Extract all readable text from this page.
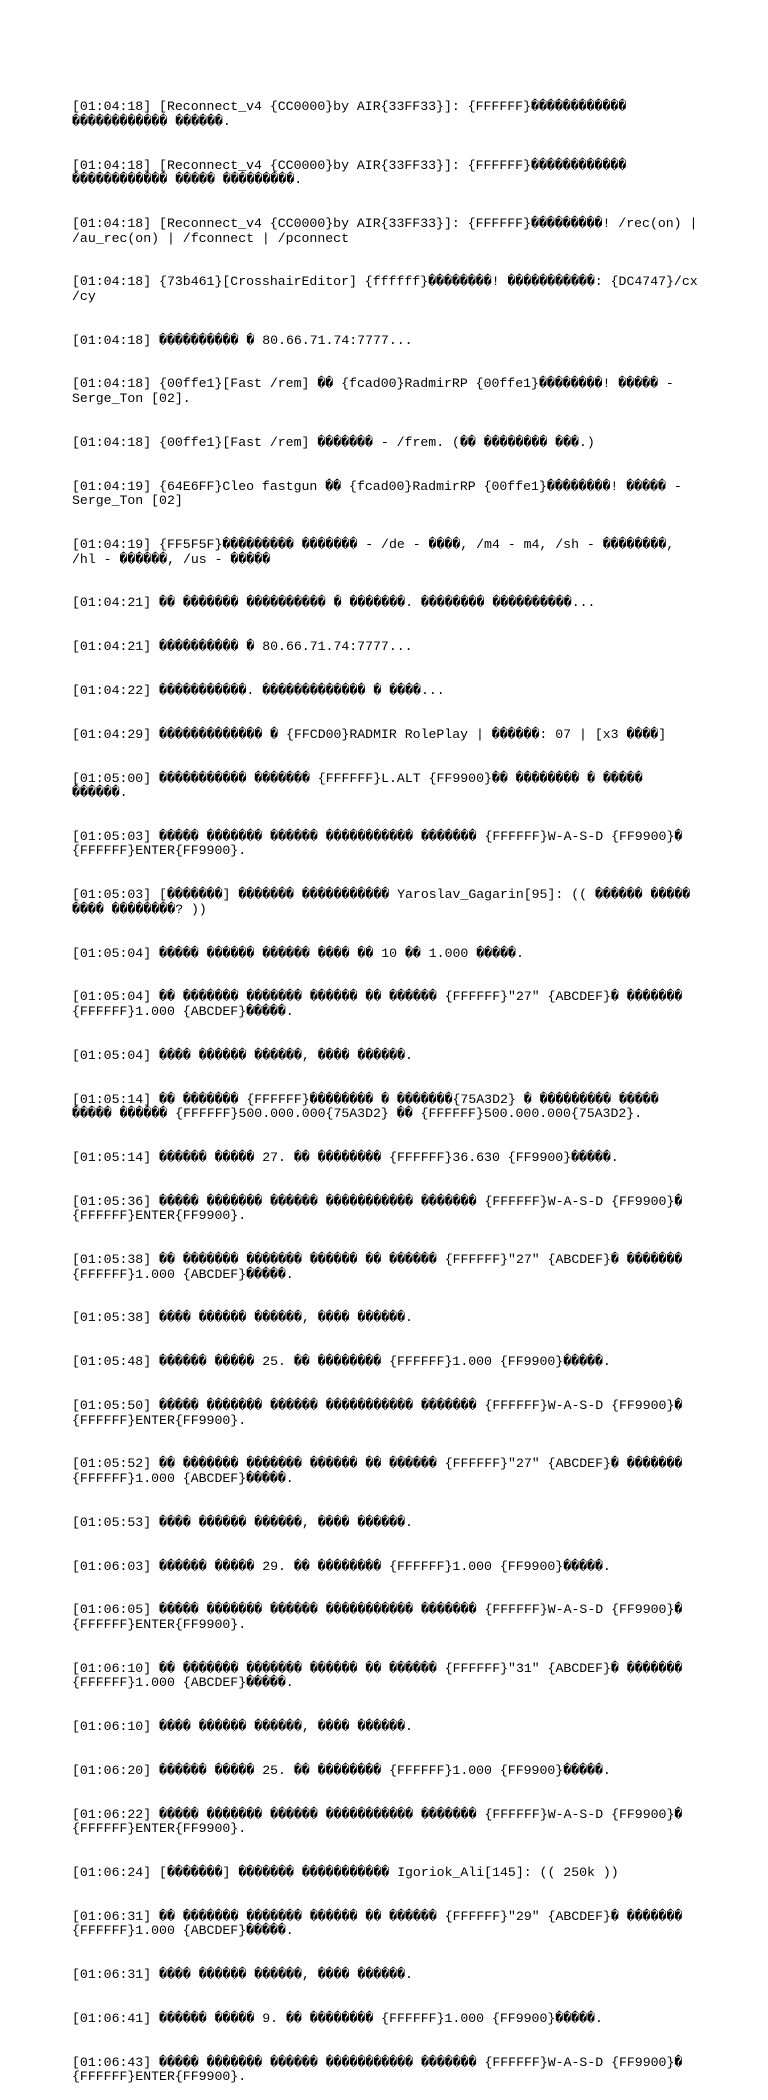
[01:04:18] [Reconnect_v4 {CC0000}by AIR{33FF33}]: {FFFFFF}������������ ������������ ������.

[01:04:18] [Reconnect_v4 {CC0000}by AIR{33FF33}]: {FFFFFF}������������ ������������ ����� ���������.

[01:04:18] [Reconnect_v4 {CC0000}by AIR{33FF33}]: {FFFFFF}���������! /rec(on) | /au_rec(on) | /fconnect | /pconnect

[01:04:18] {73b461}[CrosshairEditor] {ffffff}��������! �����������: {DC4747}/cx /cy

[01:04:18] ���������� � 80.66.71.74:7777...

[01:04:18] {00ffe1}[Fast /rem] �� {fcad00}RadmirRP {00ffe1}��������! ����� - Serge_Ton [02].

[01:04:18] {00ffe1}[Fast /rem] ������� - /frem. (�� �������� ���.)

[01:04:19] {64E6FF}Cleo fastgun �� {fcad00}RadmirRP {00ffe1}��������! ����� - Serge_Ton [02]

[01:04:19] {FF5F5F}��������� ������� - /de - ����, /m4 - m4, /sh - ��������, /hl - ������, /us - �����

[01:04:21] �� ������� ���������� � �������. �������� ����������...

[01:04:21] ���������� � 80.66.71.74:7777...

[01:04:22] �����������. ������������� � ����...

[01:04:29] ������������� � {FFCD00}RADMIR RolePlay | ������: 07 | [x3 ����]

[01:05:00] ����������� ������� {FFFFFF}L.ALT {FF9900}�� �������� � ����� ������.

[01:05:03] ����� ������� ������ ����������� ������� {FFFFFF}W-A-S-D {FF9900}� {FFFFFF}ENTER{FF9900}.

[01:05:03] [�������] ������� ����������� Yaroslav_Gagarin[95]: (( ������ ����� ���� ��������? ))

[01:05:04] ����� ������ ������ ���� �� 10 �� 1.000 �����.

[01:05:04] �� ������� ������� ������ �� ������ {FFFFFF}"27" {ABCDEF}� ������� {FFFFFF}1.000 {ABCDEF}�����.

[01:05:04] ���� ������ ������, ���� ������.

[01:05:14] �� ������� {FFFFFF}�������� � �������{75A3D2} � ��������� ����� ����� ������ {FFFFFF}500.000.000{75A3D2} �� {FFFFFF}500.000.000{75A3D2}.

[01:05:14] ������ ����� 27. �� �������� {FFFFFF}36.630 {FF9900}�����.

[01:05:36] ����� ������� ������ ����������� ������� {FFFFFF}W-A-S-D {FF9900}� {FFFFFF}ENTER{FF9900}.

[01:05:38] �� ������� ������� ������ �� ������ {FFFFFF}"27" {ABCDEF}� ������� {FFFFFF}1.000 {ABCDEF}�����.

[01:05:38] ���� ������ ������, ���� ������.

[01:05:48] ������ ����� 25. �� �������� {FFFFFF}1.000 {FF9900}�����.

[01:05:50] ����� ������� ������ ����������� ������� {FFFFFF}W-A-S-D {FF9900}� {FFFFFF}ENTER{FF9900}.

[01:05:52] �� ������� ������� ������ �� ������ {FFFFFF}"27" {ABCDEF}� ������� {FFFFFF}1.000 {ABCDEF}�����.

[01:05:53] ���� ������ ������, ���� ������.

[01:06:03] ������ ����� 29. �� �������� {FFFFFF}1.000 {FF9900}�����.

[01:06:05] ����� ������� ������ ����������� ������� {FFFFFF}W-A-S-D {FF9900}� {FFFFFF}ENTER{FF9900}.

[01:06:10] �� ������� ������� ������ �� ������ {FFFFFF}"31" {ABCDEF}� ������� {FFFFFF}1.000 {ABCDEF}�����.

[01:06:10] ���� ������ ������, ���� ������.

[01:06:20] ������ ����� 25. �� �������� {FFFFFF}1.000 {FF9900}�����.

[01:06:22] ����� ������� ������ ����������� ������� {FFFFFF}W-A-S-D {FF9900}� {FFFFFF}ENTER{FF9900}.

[01:06:24] [�������] ������� ����������� Igoriok_Ali[145]: (( 250k ))

[01:06:31] �� ������� ������� ������ �� ������ {FFFFFF}"29" {ABCDEF}� ������� {FFFFFF}1.000 {ABCDEF}�����.

[01:06:31] ���� ������ ������, ���� ������.

[01:06:41] ������ ����� 9. �� �������� {FFFFFF}1.000 {FF9900}�����.

[01:06:43] ����� ������� ������ ����������� ������� {FFFFFF}W-A-S-D {FF9900}� {FFFFFF}ENTER{FF9900}.
